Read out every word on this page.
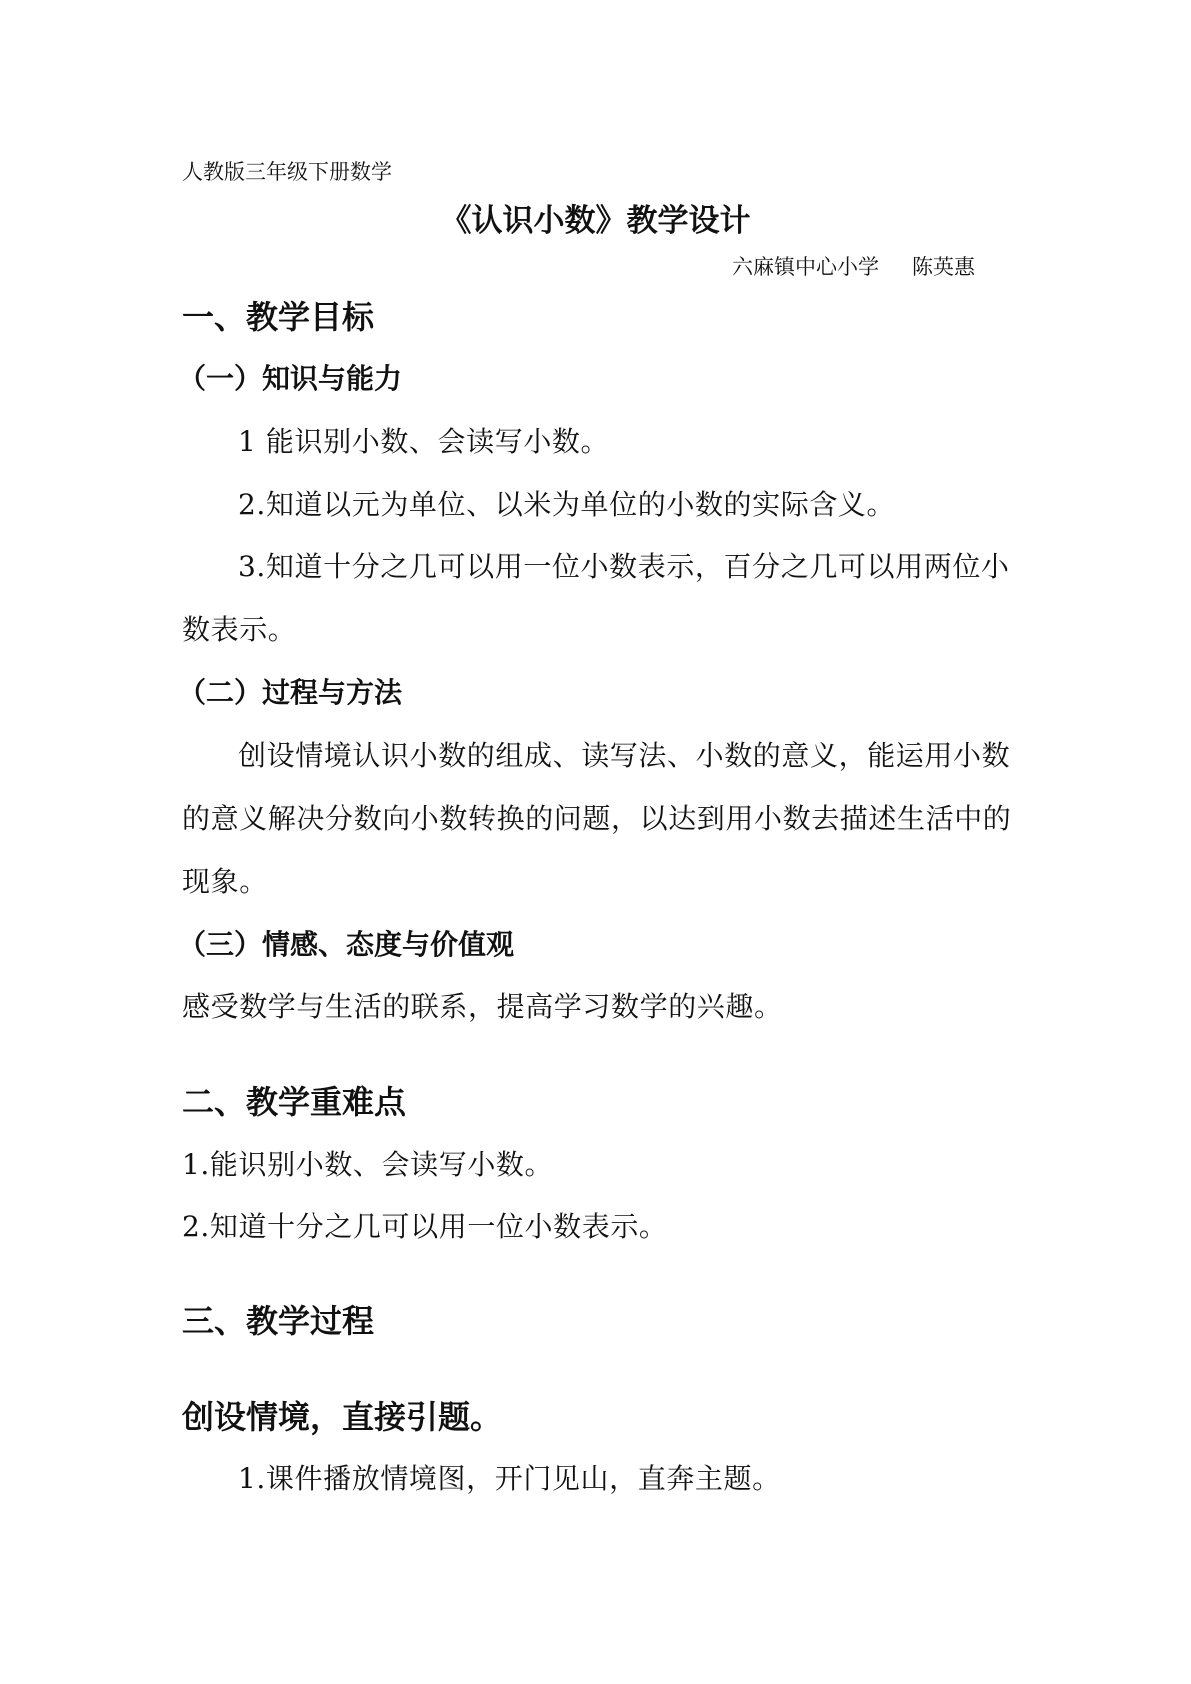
人教版三年级下册数学
《认识小数》教学设计
六麻镇中心小学 陈英惠
一、教学目标
（一）知识与能力

1 能识别小数、会读写小数。

2.知道以元为单位、以米为单位的小数的实际含义。

3.知道十分之几可以用一位小数表示，百分之几可以用两位小

数表示。

（二）过程与方法

创设情境认识小数的组成、读写法、小数的意义，能运用小数

的意义解决分数向小数转换的问题，以达到用小数去描述生活中的

现象。

（三）情感、态度与价值观

感受数学与生活的联系，提高学习数学的兴趣。

二、教学重难点

1.能识别小数、会读写小数。

2.知道十分之几可以用一位小数表示。

三、教学过程
创设情境，直接引题。

1.课件播放情境图，开门见山，直奔主题。
